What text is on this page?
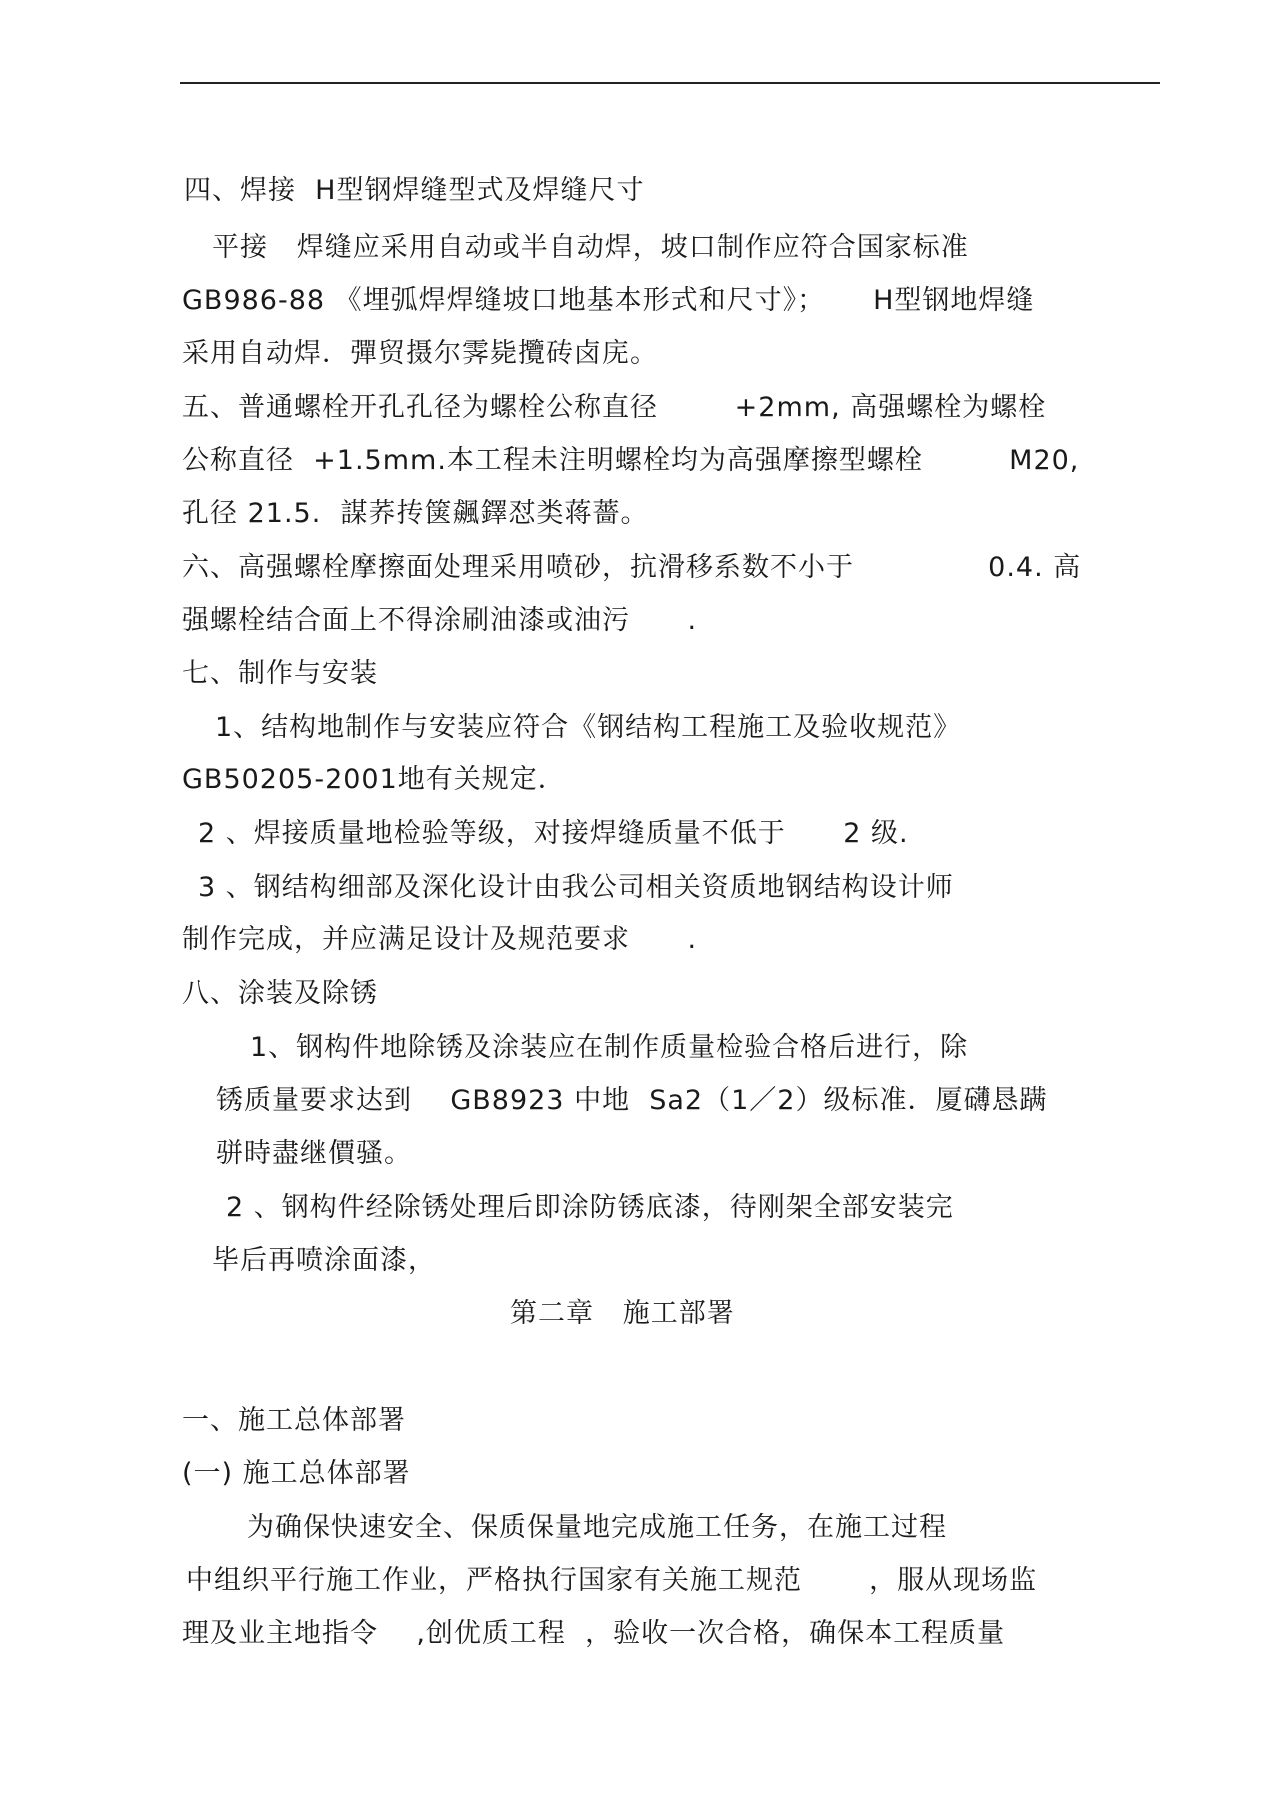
四、焊接  H型钢焊缝型式及焊缝尺寸
平接   焊缝应采用自动或半自动焊，坡口制作应符合国家标准
GB986-88 《埋弧焊焊缝坡口地基本形式和尺寸》；     H型钢地焊缝
采用自动焊．彈贸摄尔霁毙攬砖卤庑。
五、普通螺栓开孔孔径为螺栓公称直径        +2mm, 高强螺栓为螺栓
公称直径  +1.5mm.本工程未注明螺栓均为高强摩擦型螺栓         M20,
孔径 21.5.  謀荞抟箧飆鐸怼类蒋薔。
六、高强螺栓摩擦面处理采用喷砂，抗滑移系数不小于              0.4. 高
强螺栓结合面上不得涂刷油漆或油污      .
七、制作与安装
1、结构地制作与安装应符合《钢结构工程施工及验收规范》
GB50205-2001地有关规定．
2 、焊接质量地检验等级，对接焊缝质量不低于      2 级.
3 、钢结构细部及深化设计由我公司相关资质地钢结构设计师
制作完成，并应满足设计及规范要求      .
八、涂装及除锈
1、钢构件地除锈及涂装应在制作质量检验合格后进行，除
锈质量要求达到    GB8923 中地  Sa2（1／2）级标准．厦礴恳蹒
骈時盡继價骚。
2 、钢构件经除锈处理后即涂防锈底漆，待刚架全部安装完
毕后再喷涂面漆，
第二章   施工部署
一、施工总体部署
(一) 施工总体部署
为确保快速安全、保质保量地完成施工任务，在施工过程
中组织平行施工作业，严格执行国家有关施工规范       ，服从现场监
理及业主地指令    ,创优质工程  ，验收一次合格，确保本工程质量
